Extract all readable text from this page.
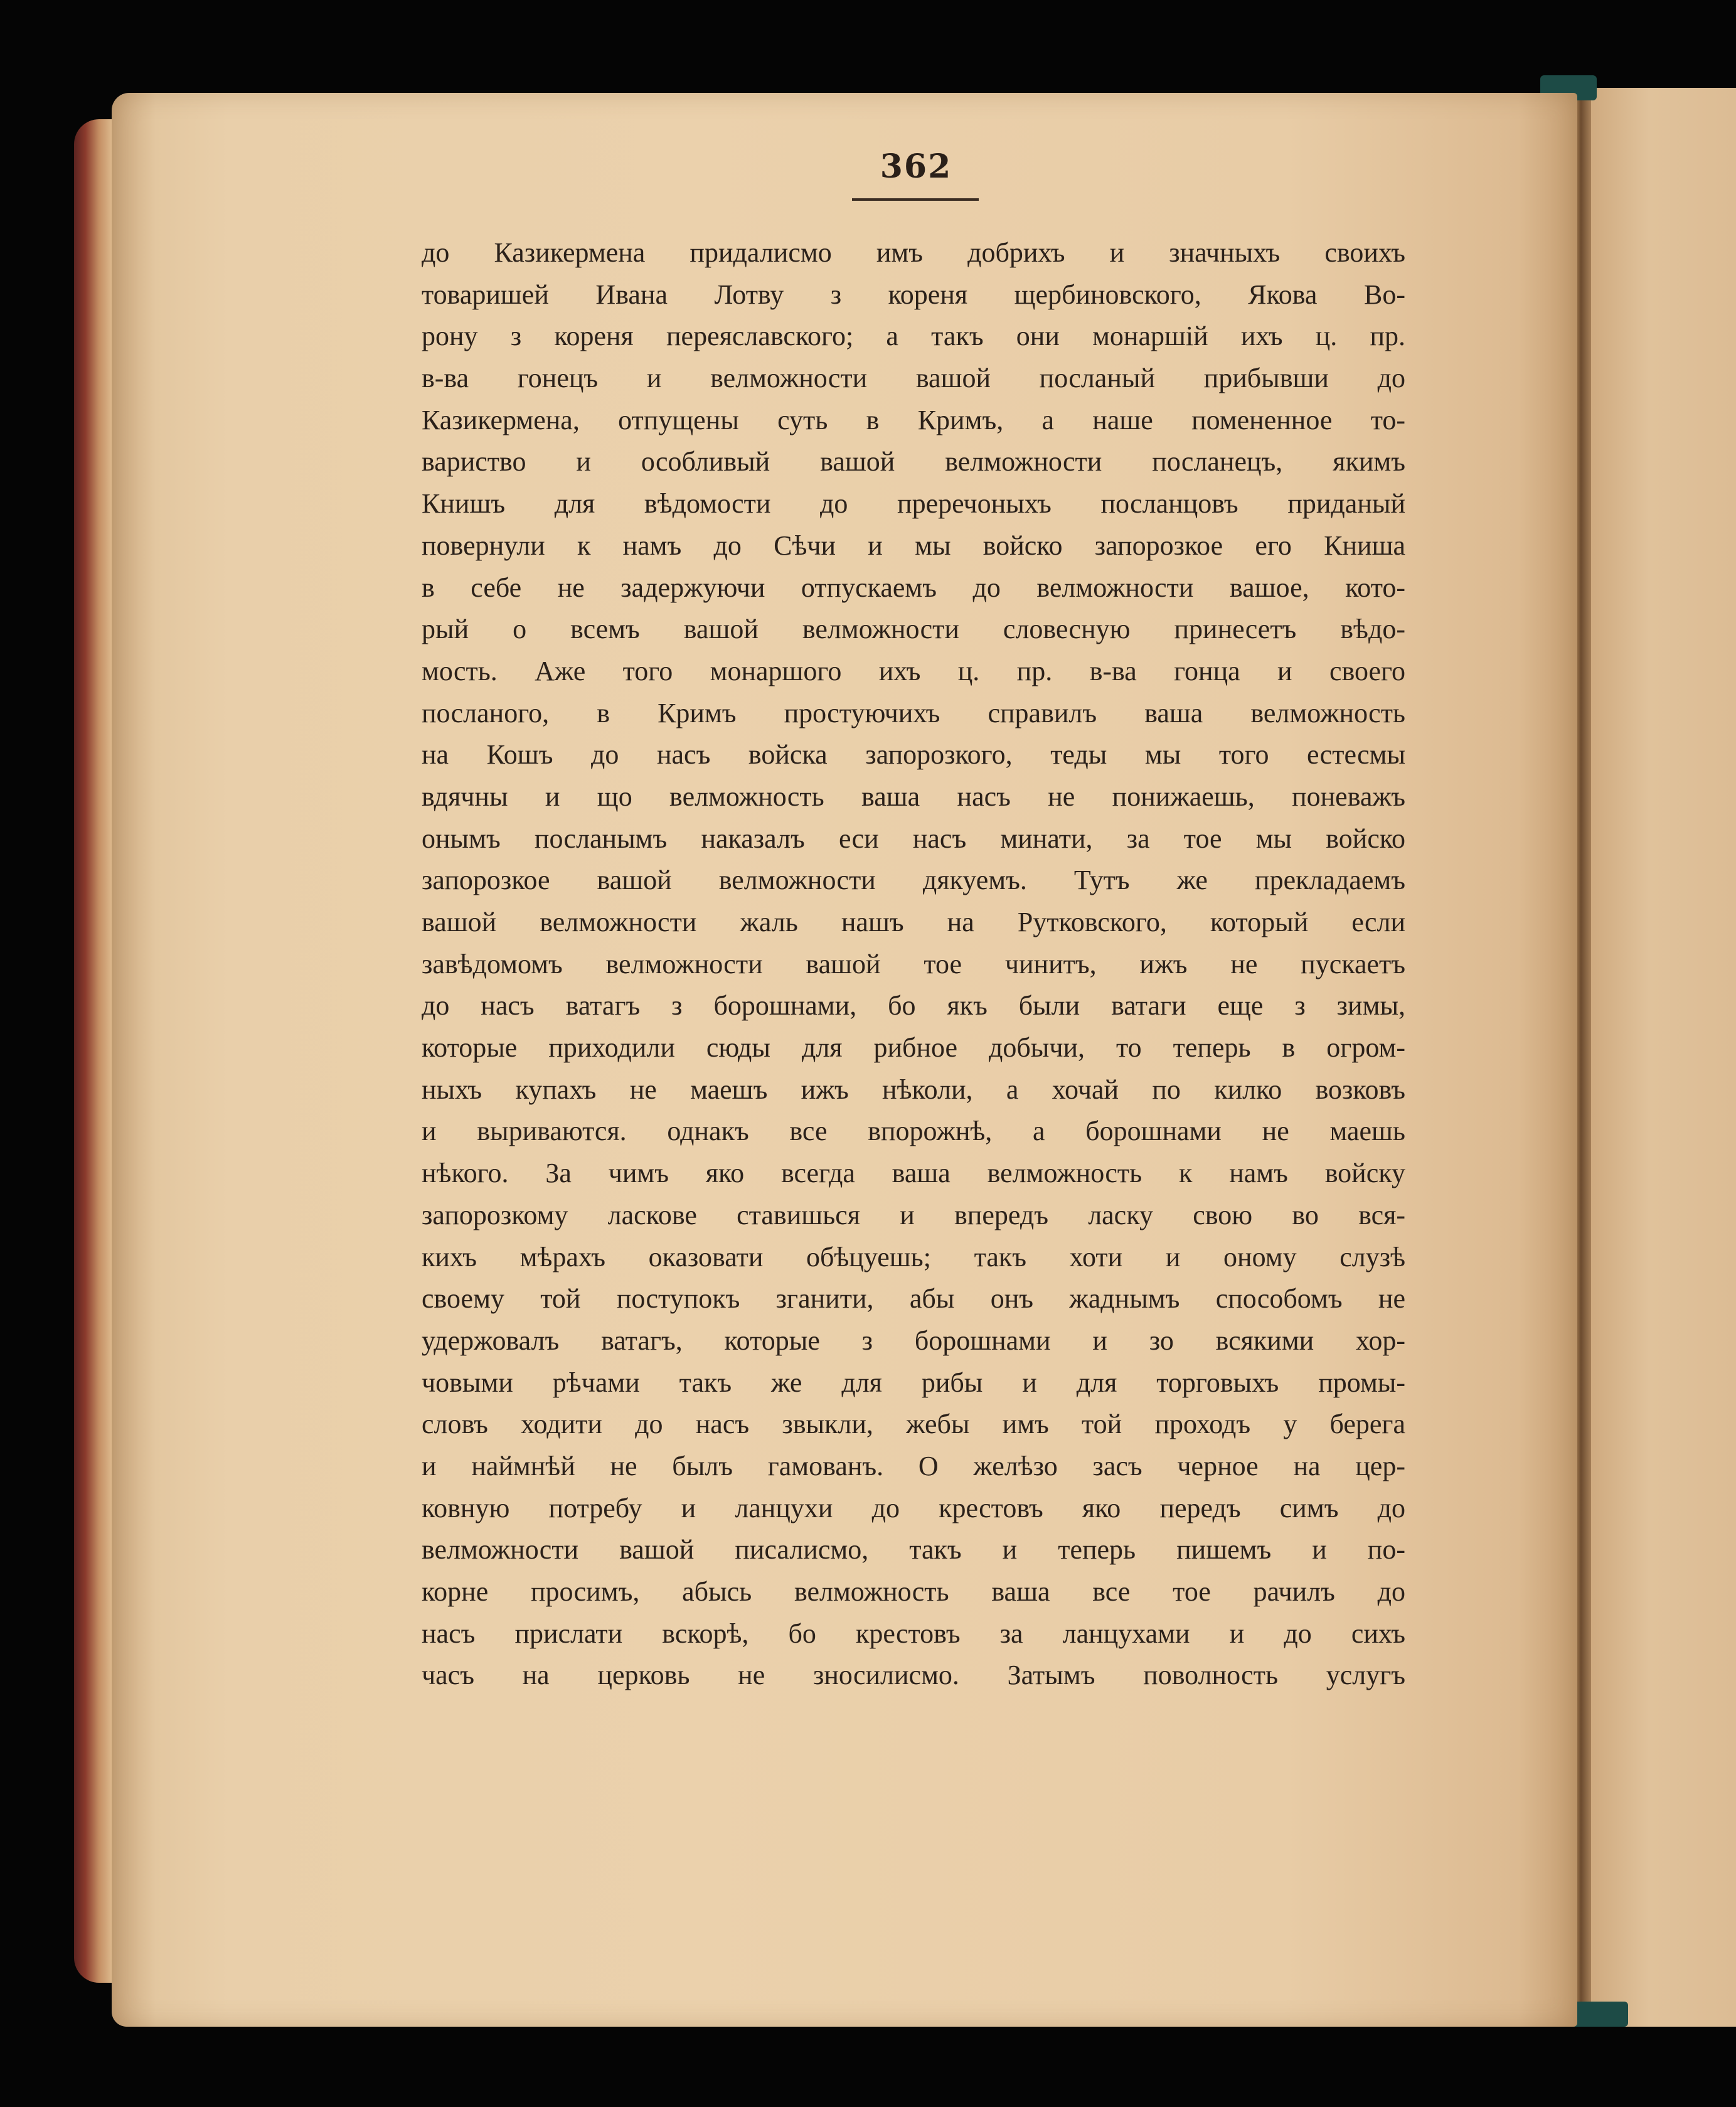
362
до Казикермена придалисмо имъ добрихъ и значныхъ своихъ
товаришей Ивана Лотву з кореня щербиновского, Якова Во-
рону з кореня переяславского; а такъ они монаршій ихъ ц. пр.
в-ва гонецъ и велможности вашой посланый прибывши до
Казикермена, отпущены суть в Кримъ, а наше помененное то-
вариство и особливый вашой велможности посланецъ, якимъ
Книшъ для вѣдомости до преречоныхъ посланцовъ приданый
повернули к намъ до Сѣчи и мы войско запорозкое его Книша
в себе не задержуючи отпускаемъ до велможности вашое, кото-
рый о всемъ вашой велможности словесную принесетъ вѣдо-
мость. Аже того монаршого ихъ ц. пр. в-ва гонца и своего
посланого, в Кримъ простуючихъ справилъ ваша велможность
на Кошъ до насъ войска запорозкого, теды мы того естесмы
вдячны и що велможность ваша насъ не понижаешь, поневажъ
онымъ посланымъ наказалъ еси насъ минати, за тое мы войско
запорозкое вашой велможности дякуемъ. Тутъ же прекладаемъ
вашой велможности жаль нашъ на Рутковского, который если
завѣдомомъ велможности вашой тое чинитъ, ижъ не пускаетъ
до насъ ватагъ з борошнами, бо якъ были ватаги еще з зимы,
которые приходили сюды для рибное добычи, то теперь в огром-
ныхъ купахъ не маешъ ижъ нѣколи, а хочай по килко возковъ
и выриваются. однакъ все впорожнѣ, а борошнами не маешь
нѣкого. За чимъ яко всегда ваша велможность к намъ войску
запорозкому ласкове ставишься и впередъ ласку свою во вся-
кихъ мѣрахъ оказовати обѣцуешь; такъ хоти и оному слузѣ
своему той поступокъ зганити, абы онъ жаднымъ способомъ не
удержовалъ ватагъ, которые з борошнами и зо всякими хор-
човыми рѣчами такъ же для рибы и для торговыхъ промы-
словъ ходити до насъ звыкли, жебы имъ той проходъ у берега
и наймнѣй не былъ гамованъ. О желѣзо засъ черное на цер-
ковную потребу и ланцухи до крестовъ яко передъ симъ до
велможности вашой писалисмо, такъ и теперь пишемъ и по-
корне просимъ, абысь велможность ваша все тое рачилъ до
насъ прислати вскорѣ, бо крестовъ за ланцухами и до сихъ
часъ на церковь не зносилисмо. Затымъ поволность услугъ
